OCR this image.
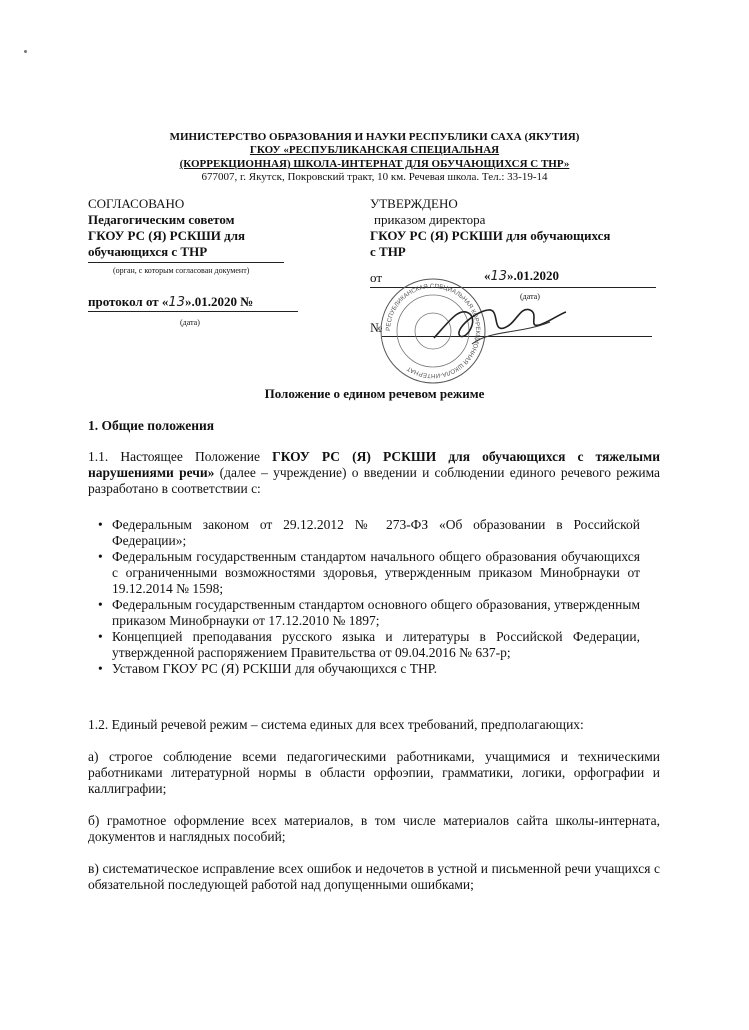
МИНИСТЕРСТВО ОБРАЗОВАНИЯ И НАУКИ РЕСПУБЛИКИ САХА (ЯКУТИЯ)
ГКОУ «РЕСПУБЛИКАНСКАЯ СПЕЦИАЛЬНАЯ
(КОРРЕКЦИОННАЯ) ШКОЛА-ИНТЕРНАТ ДЛЯ ОБУЧАЮЩИХСЯ С ТНР»
677007, г. Якутск, Покровский тракт, 10 км. Речевая школа. Тел.: 33-19-14
СОГЛАСОВАНО
Педагогическим советом
ГКОУ РС (Я) РСКШИ для
обучающихся с ТНР
(орган, с которым согласован документ)
протокол от «13».01.2020 №
(дата)
УТВЕРЖДЕНО
приказом директора
ГКОУ РС (Я) РСКШИ для обучающихся
с ТНР
от	«13».01.2020
(дата)
№ РЕСПУБЛИКАНСКАЯ СПЕЦИАЛЬНАЯ КОРРЕКЦИОННАЯ ШКОЛА-ИНТЕРНАТ
Положение о едином речевом режиме
1. Общие положения
1.1. Настоящее Положение ГКОУ РС (Я) РСКШИ для обучающихся с тяжелыми нарушениями речи» (далее – учреждение) о введении и соблюдении единого речевого режима разработано в соответствии с:
• Федеральным законом от 29.12.2012 № 273-ФЗ «Об образовании в Российской Федерации»;
• Федеральным государственным стандартом начального общего образования обучающихся с ограниченными возможностями здоровья, утвержденным приказом Минобрнауки от 19.12.2014 № 1598;
• Федеральным государственным стандартом основного общего образования, утвержденным приказом Минобрнауки от 17.12.2010 № 1897;
• Концепцией преподавания русского языка и литературы в Российской Федерации, утвержденной распоряжением Правительства от 09.04.2016 № 637-р;
• Уставом ГКОУ РС (Я) РСКШИ для обучающихся с ТНР.
1.2. Единый речевой режим – система единых для всех требований, предполагающих:
а) строгое соблюдение всеми педагогическими работниками, учащимися и техническими работниками литературной нормы в области орфоэпии, грамматики, логики, орфографии и каллиграфии;
б) грамотное оформление всех материалов, в том числе материалов сайта школы-интерната, документов и наглядных пособий;
в) систематическое исправление всех ошибок и недочетов в устной и письменной речи учащихся с обязательной последующей работой над допущенными ошибками;
